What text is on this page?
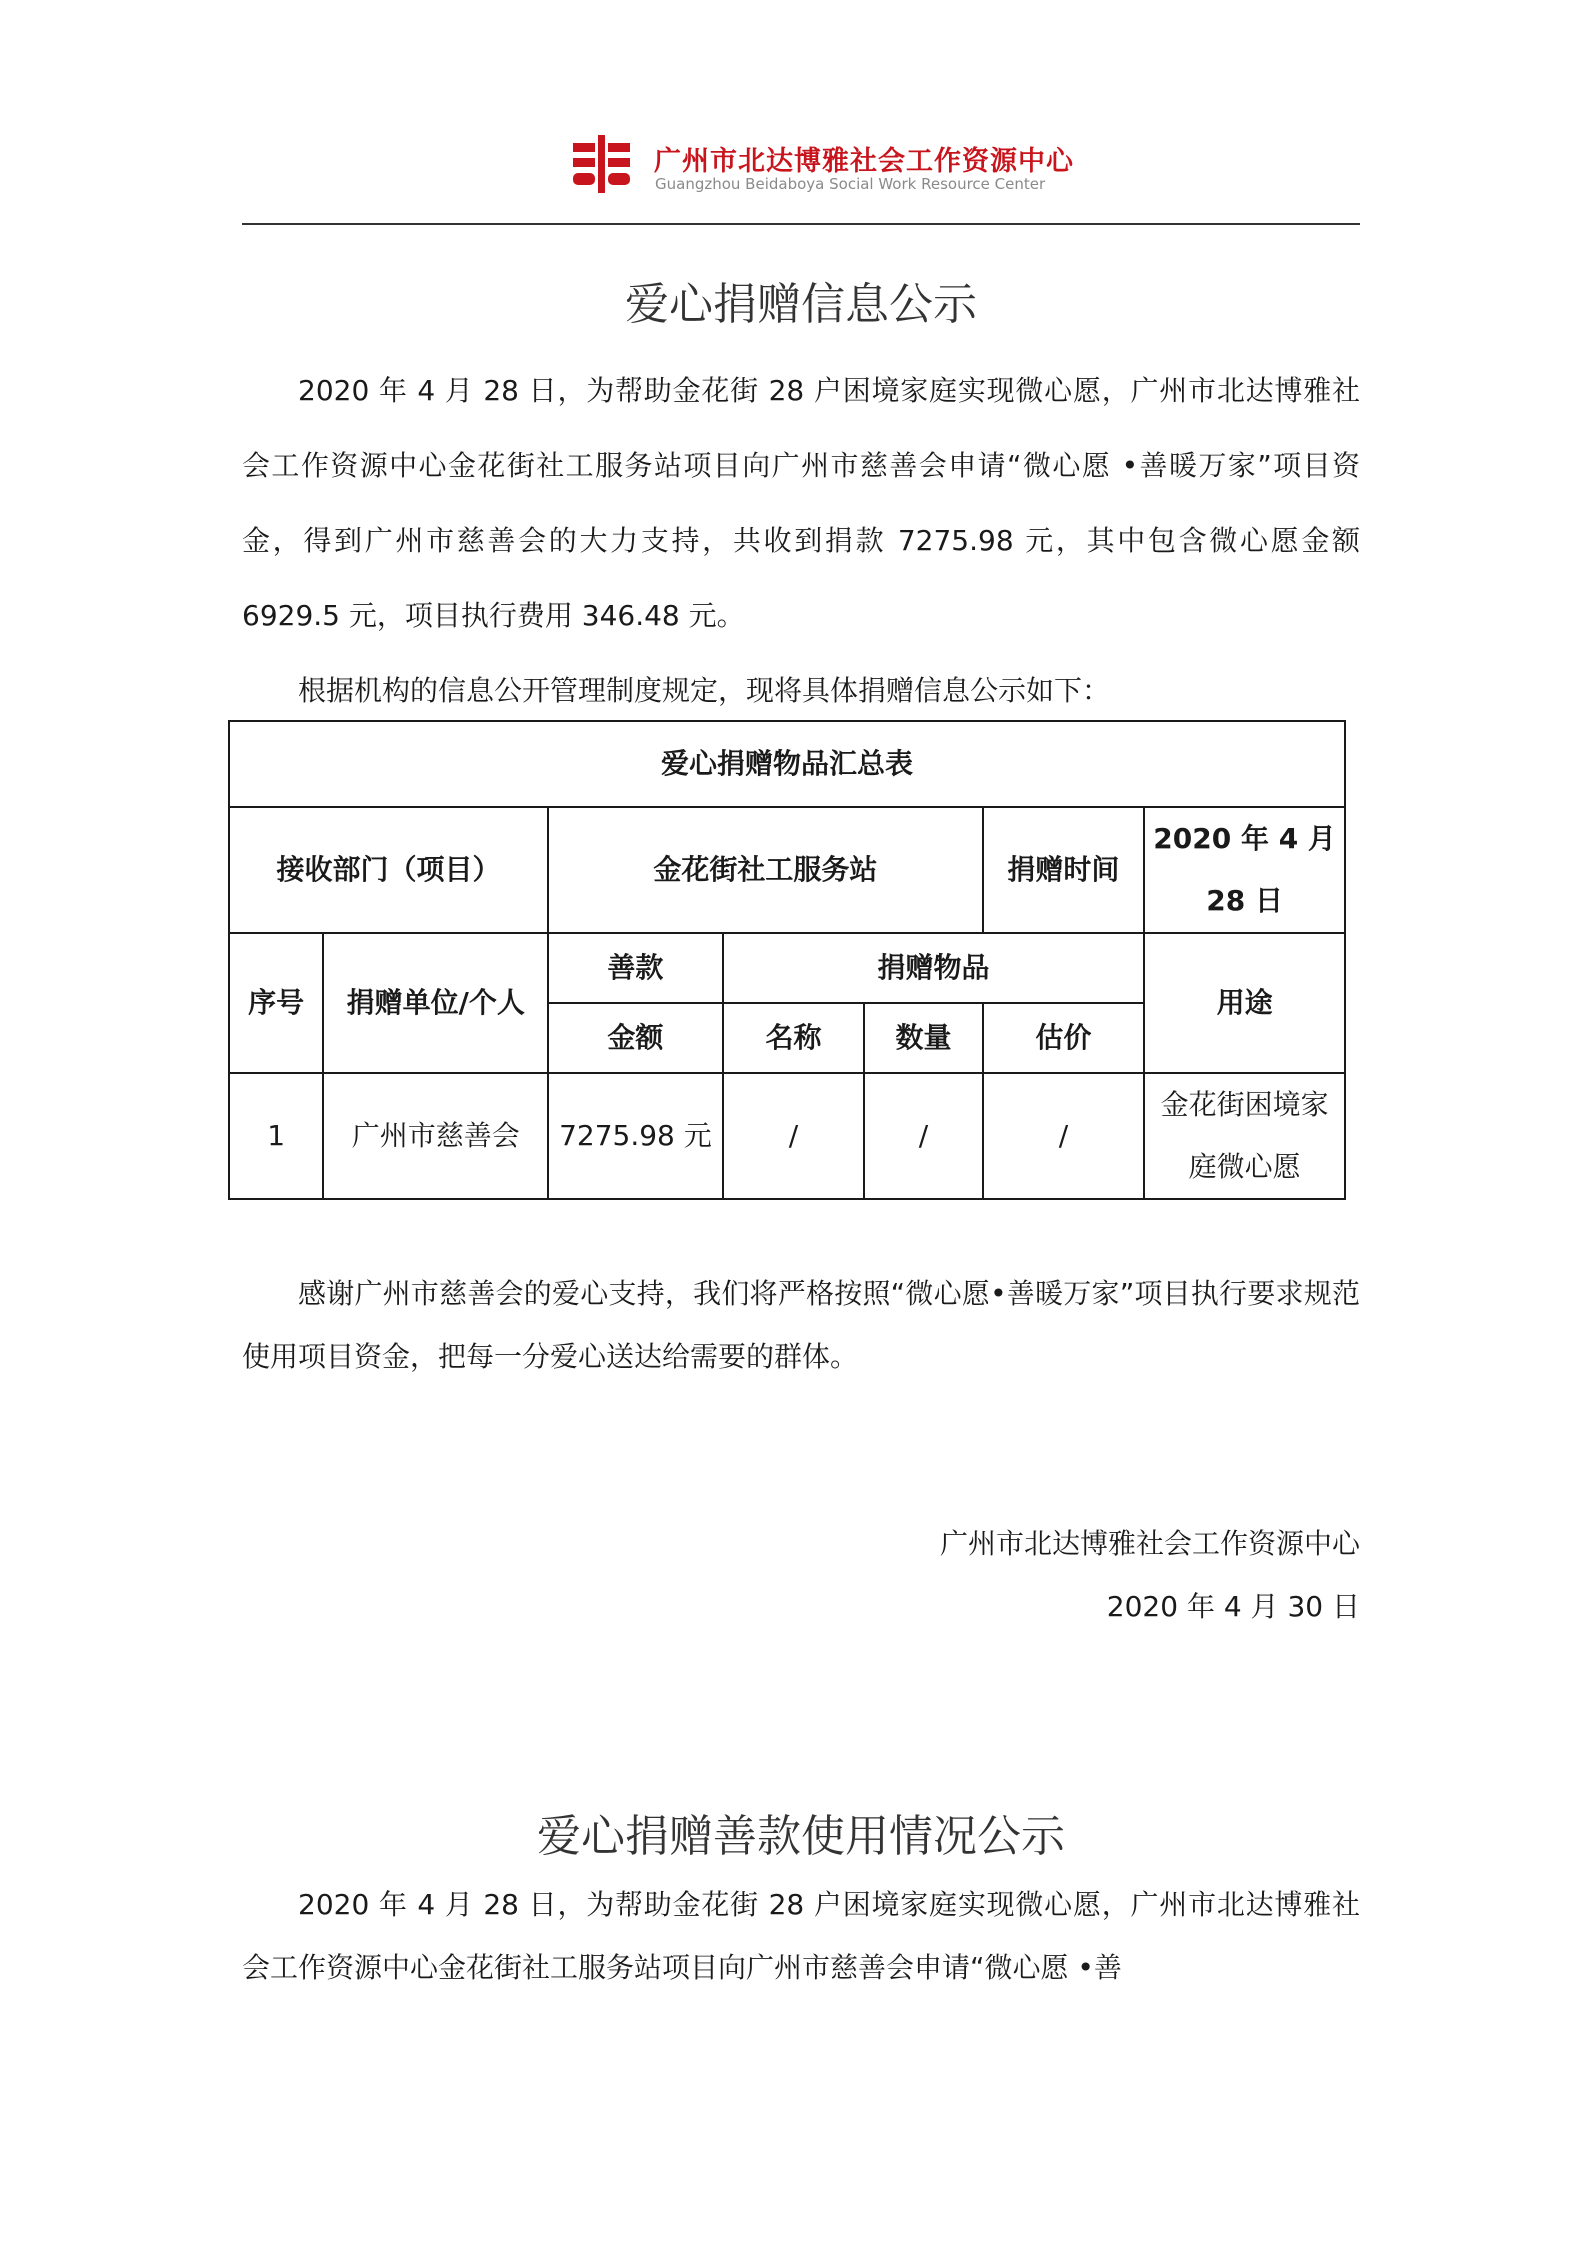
广州市北达博雅社会工作资源中心
Guangzhou Beidaboya Social Work Resource Center
爱心捐赠信息公示

2020 年 4 月 28 日，为帮助金花街 28 户困境家庭实现微心愿，广州市北达博雅社会工作资源中心金花街社工服务站项目向广州市慈善会申请“微心愿 •善暖万家”项目资金，得到广州市慈善会的大力支持，共收到捐款 7275.98 元，其中包含微心愿金额 6929.5 元，项目执行费用 346.48 元。

根据机构的信息公开管理制度规定，现将具体捐赠信息公示如下：

爱心捐赠物品汇总表						
接收部门（项目）		金花街社工服务站			捐赠时间	2020 年 4 月 28 日
序号	捐赠单位/个人	善款	捐赠物品			用途
		金额	名称	数量	估价	
1	广州市慈善会	7275.98 元	/	/	/	金花街困境家庭微心愿

感谢广州市慈善会的爱心支持，我们将严格按照“微心愿•善暖万家”项目执行要求规范使用项目资金，把每一分爱心送达给需要的群体。

广州市北达博雅社会工作资源中心
2020 年 4 月 30 日
爱心捐赠善款使用情况公示

2020 年 4 月 28 日，为帮助金花街 28 户困境家庭实现微心愿，广州市北达博雅社会工作资源中心金花街社工服务站项目向广州市慈善会申请“微心愿 •善
